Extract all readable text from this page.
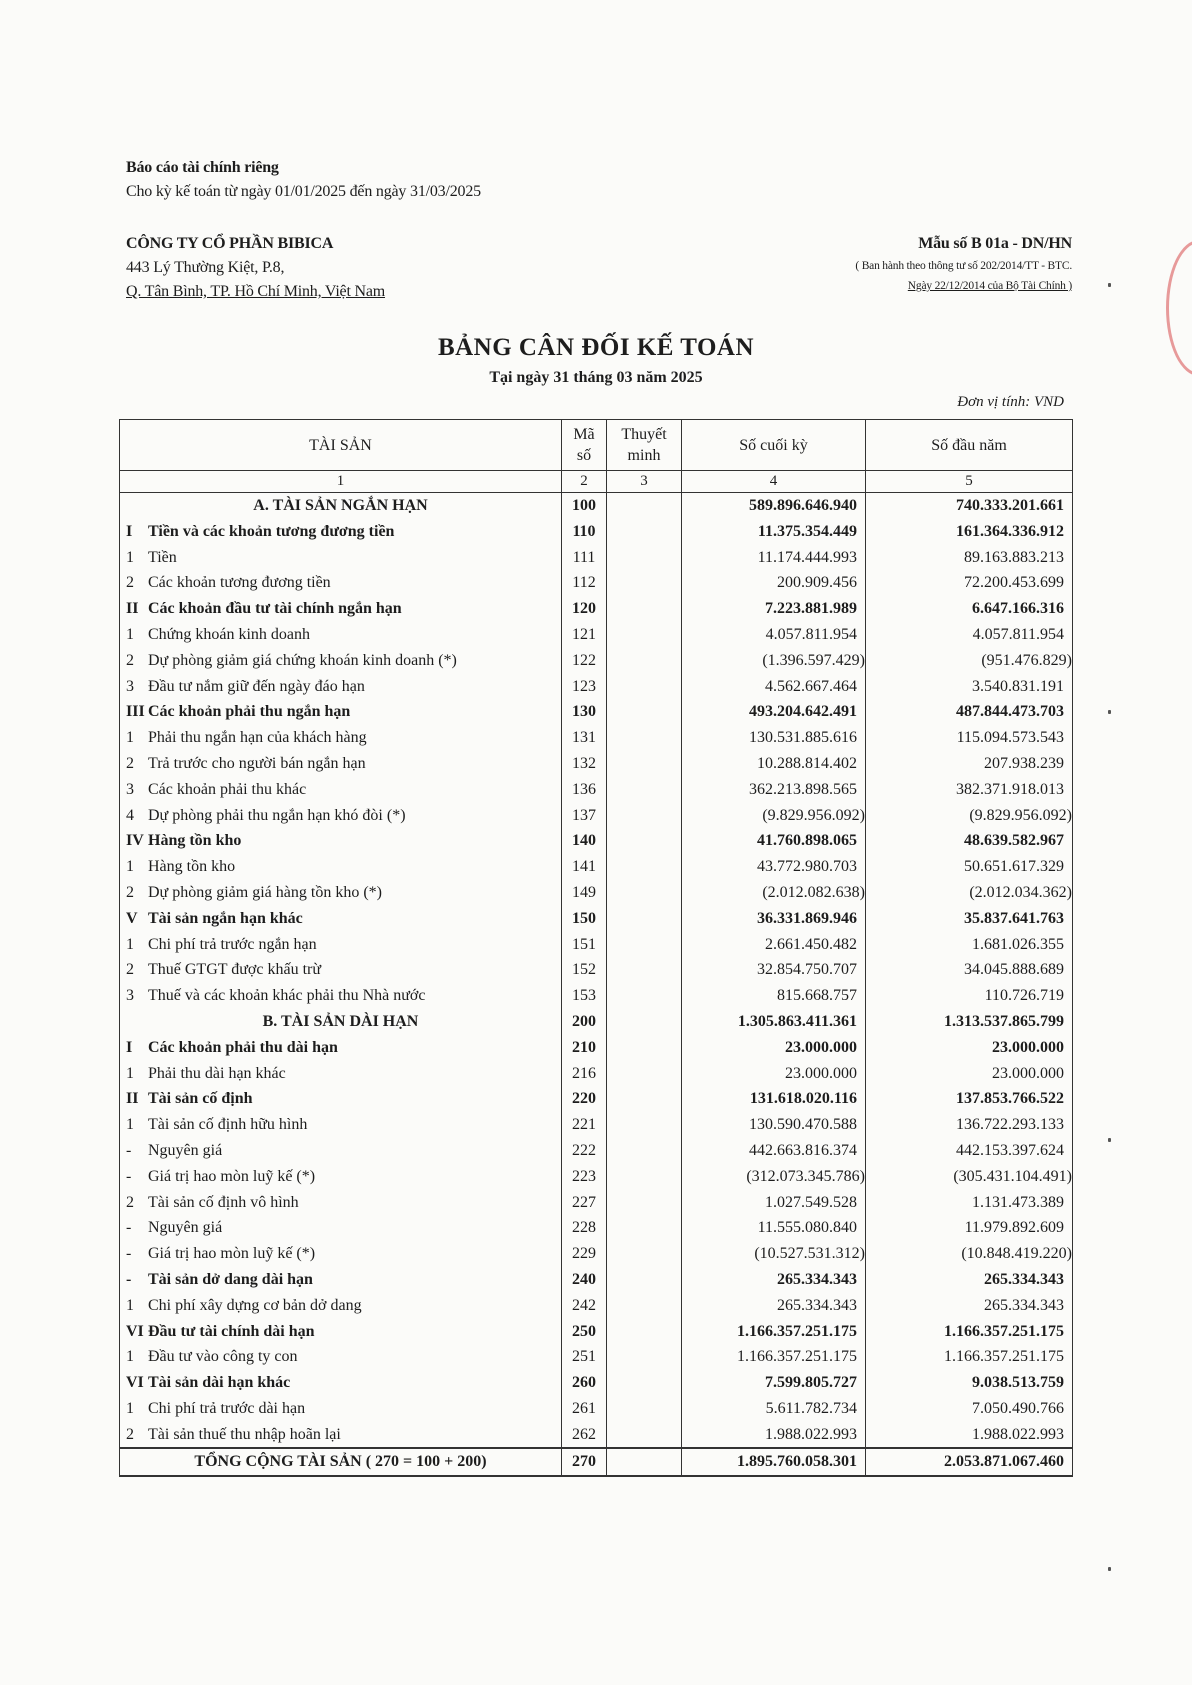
Báo cáo tài chính riêng
Cho kỳ kế toán từ ngày 01/01/2025 đến ngày 31/03/2025
CÔNG TY CỔ PHẦN BIBICA
443 Lý Thường Kiệt, P.8,
Q. Tân Bình, TP. Hồ Chí Minh, Việt Nam
Mẫu số B 01a - DN/HN
( Ban hành theo thông tư số 202/2014/TT - BTC.
Ngày 22/12/2014 của Bộ Tài Chính )
BẢNG CÂN ĐỐI KẾ TOÁN
Tại ngày 31 tháng 03 năm 2025
Đơn vị tính: VND
TÀI SẢN	Mã số	Thuyết minh	Số cuối kỳ	Số đầu năm
1	2	3	4	5
A. TÀI SẢN NGẮN HẠN	100		589.896.646.940	740.333.201.661
I Tiền và các khoản tương đương tiền	110		11.375.354.449	161.364.336.912
1 Tiền	111		11.174.444.993	89.163.883.213
2 Các khoản tương đương tiền	112		200.909.456	72.200.453.699
II Các khoản đầu tư tài chính ngắn hạn	120		7.223.881.989	6.647.166.316
1 Chứng khoán kinh doanh	121		4.057.811.954	4.057.811.954
2 Dự phòng giảm giá chứng khoán kinh doanh (*)	122		(1.396.597.429)	(951.476.829)
3 Đầu tư nắm giữ đến ngày đáo hạn	123		4.562.667.464	3.540.831.191
III Các khoản phải thu ngắn hạn	130		493.204.642.491	487.844.473.703
1 Phải thu ngắn hạn của khách hàng	131		130.531.885.616	115.094.573.543
2 Trả trước cho người bán ngắn hạn	132		10.288.814.402	207.938.239
3 Các khoản phải thu khác	136		362.213.898.565	382.371.918.013
4 Dự phòng phải thu ngắn hạn khó đòi (*)	137		(9.829.956.092)	(9.829.956.092)
IV Hàng tồn kho	140		41.760.898.065	48.639.582.967
1 Hàng tồn kho	141		43.772.980.703	50.651.617.329
2 Dự phòng giảm giá hàng tồn kho (*)	149		(2.012.082.638)	(2.012.034.362)
V Tài sản ngắn hạn khác	150		36.331.869.946	35.837.641.763
1 Chi phí trả trước ngắn hạn	151		2.661.450.482	1.681.026.355
2 Thuế GTGT được khấu trừ	152		32.854.750.707	34.045.888.689
3 Thuế và các khoản khác phải thu Nhà nước	153		815.668.757	110.726.719
B. TÀI SẢN DÀI HẠN	200		1.305.863.411.361	1.313.537.865.799
I Các khoản phải thu dài hạn	210		23.000.000	23.000.000
1 Phải thu dài hạn khác	216		23.000.000	23.000.000
II Tài sản cố định	220		131.618.020.116	137.853.766.522
1 Tài sản cố định hữu hình	221		130.590.470.588	136.722.293.133
- Nguyên giá	222		442.663.816.374	442.153.397.624
- Giá trị hao mòn luỹ kế (*)	223		(312.073.345.786)	(305.431.104.491)
2 Tài sản cố định vô hình	227		1.027.549.528	1.131.473.389
- Nguyên giá	228		11.555.080.840	11.979.892.609
- Giá trị hao mòn luỹ kế (*)	229		(10.527.531.312)	(10.848.419.220)
- Tài sản dở dang dài hạn	240		265.334.343	265.334.343
1 Chi phí xây dựng cơ bản dở dang	242		265.334.343	265.334.343
VI Đầu tư tài chính dài hạn	250		1.166.357.251.175	1.166.357.251.175
1 Đầu tư vào công ty con	251		1.166.357.251.175	1.166.357.251.175
VI Tài sản dài hạn khác	260		7.599.805.727	9.038.513.759
1 Chi phí trả trước dài hạn	261		5.611.782.734	7.050.490.766
2 Tài sản thuế thu nhập hoãn lại	262		1.988.022.993	1.988.022.993
TỔNG CỘNG TÀI SẢN ( 270 = 100 + 200)	270		1.895.760.058.301	2.053.871.067.460
